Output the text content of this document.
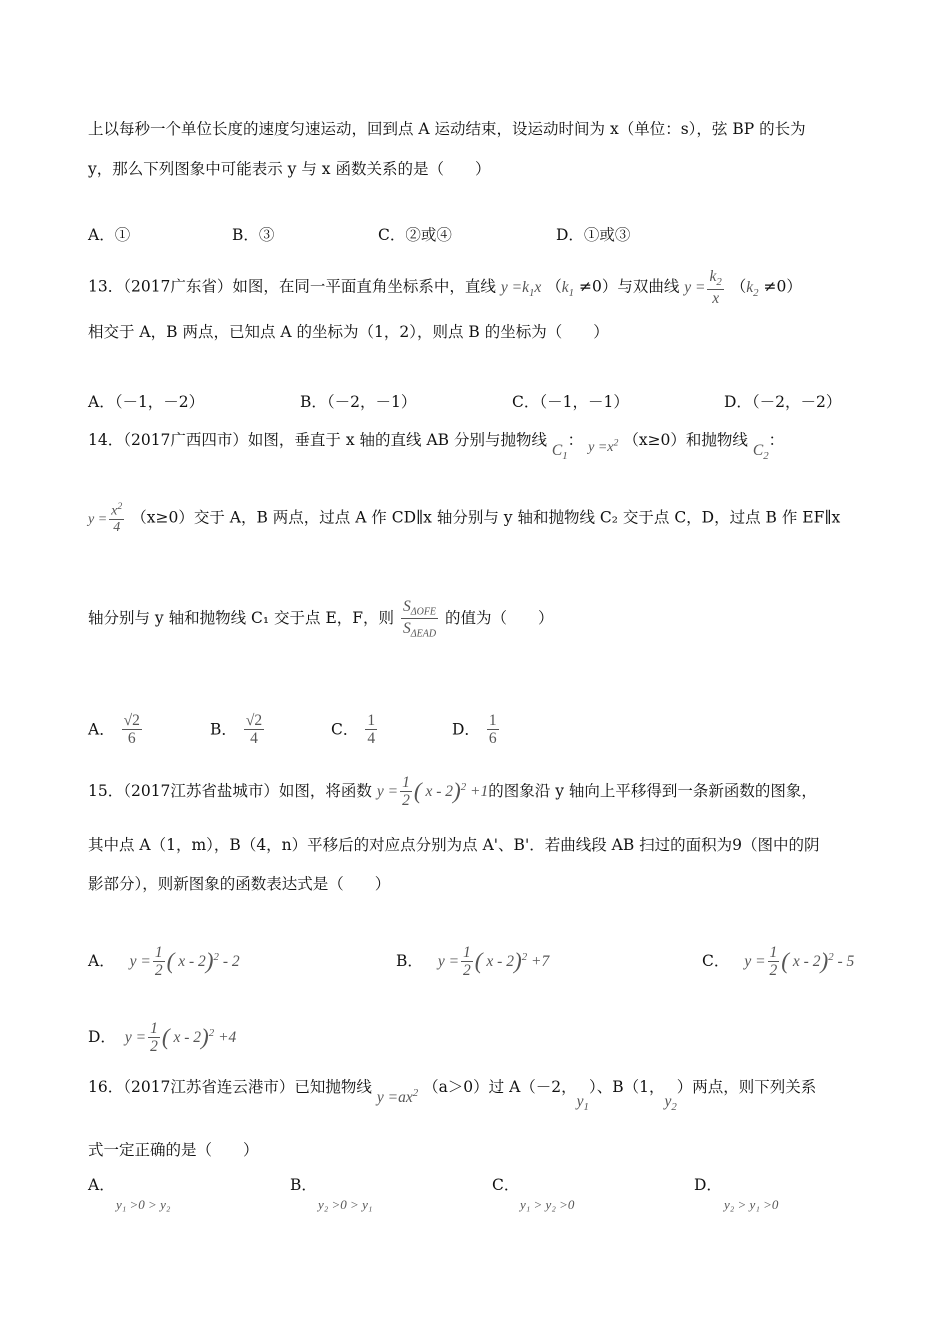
上以每秒一个单位长度的速度匀速运动，回到点 A 运动结束，设运动时间为 x（单位：s），弦 BP 的长为
y，那么下列图象中可能表示 y 与 x 函数关系的是（　　）
A．①	B．③	C．②或④	D．①或③
13．（2017广东省）如图，在同一平面直角坐标系中，直线 $y =k_1x$ $(k_1 \ne 0)$与双曲线 $y = \frac{k_2}{x} (k_2 \ne 0)$
相交于 A，B 两点，已知点 A 的坐标为（1，2），则点 B 的坐标为（　　）
A．（－1，－2）	B．（－2，－1）	C．（－1，－1）	D．（－2，－2）
14．（2017广西四市）如图，垂直于 x 轴的直线 AB 分别与抛物线 $C_1$： $y =x^2$ （x≥0）和抛物线 $C_2$：
$y = \frac{x^2}{4} (x\ge 0)$交于 A，B 两点，过点 A 作 CD∥x 轴分别与 y 轴和抛物线 C₂ 交于点 C，D，过点 B 作 EF∥x
轴分别与 y 轴和抛物线 C₁ 交于点 E，F，则 $\frac{S_{\Delta OFE}}{S_{\Delta EAD}}$ 的值为（　　）
A． $\frac{√2}{6}$	B． $\frac{√2}{4}$	C． $\frac{1}{4}$	D． $\frac{1}{6}$
15．（2017江苏省盐城市）如图，将函数 $y = \frac{1}{2}$ ( x - 2)$^2$ +1的图象沿 y 轴向上平移得到一条新函数的图象，
其中点 A（1，m），B（4，n）平移后的对应点分别为点 A'、B'．若曲线段 AB 扫过的面积为9（图中的阴
影部分），则新图象的函数表达式是（　　）
A． $y = \frac{1}{2}$ ( x - 2)$^2$ - 2	B． $y = \frac{1}{2}$ ( x - 2)$^2$ +7	C． $y = \frac{1}{2}$ ( x - 2)$^2$ - 5
D． $y = \frac{1}{2}$ ( x - 2)$^2$ +4
16．（2017江苏省连云港市）已知抛物线 $y =ax^2$ （a＞0）过 A（－2，$y_1$）、B（1，$y_2$）两点，则下列关系
式一定正确的是（　　）
A．
y₁ >0 > y₂
B．
y₂ >0 > y₁
C．
y₁ > y₂ >0
D．
y₂ > y₁ >0
